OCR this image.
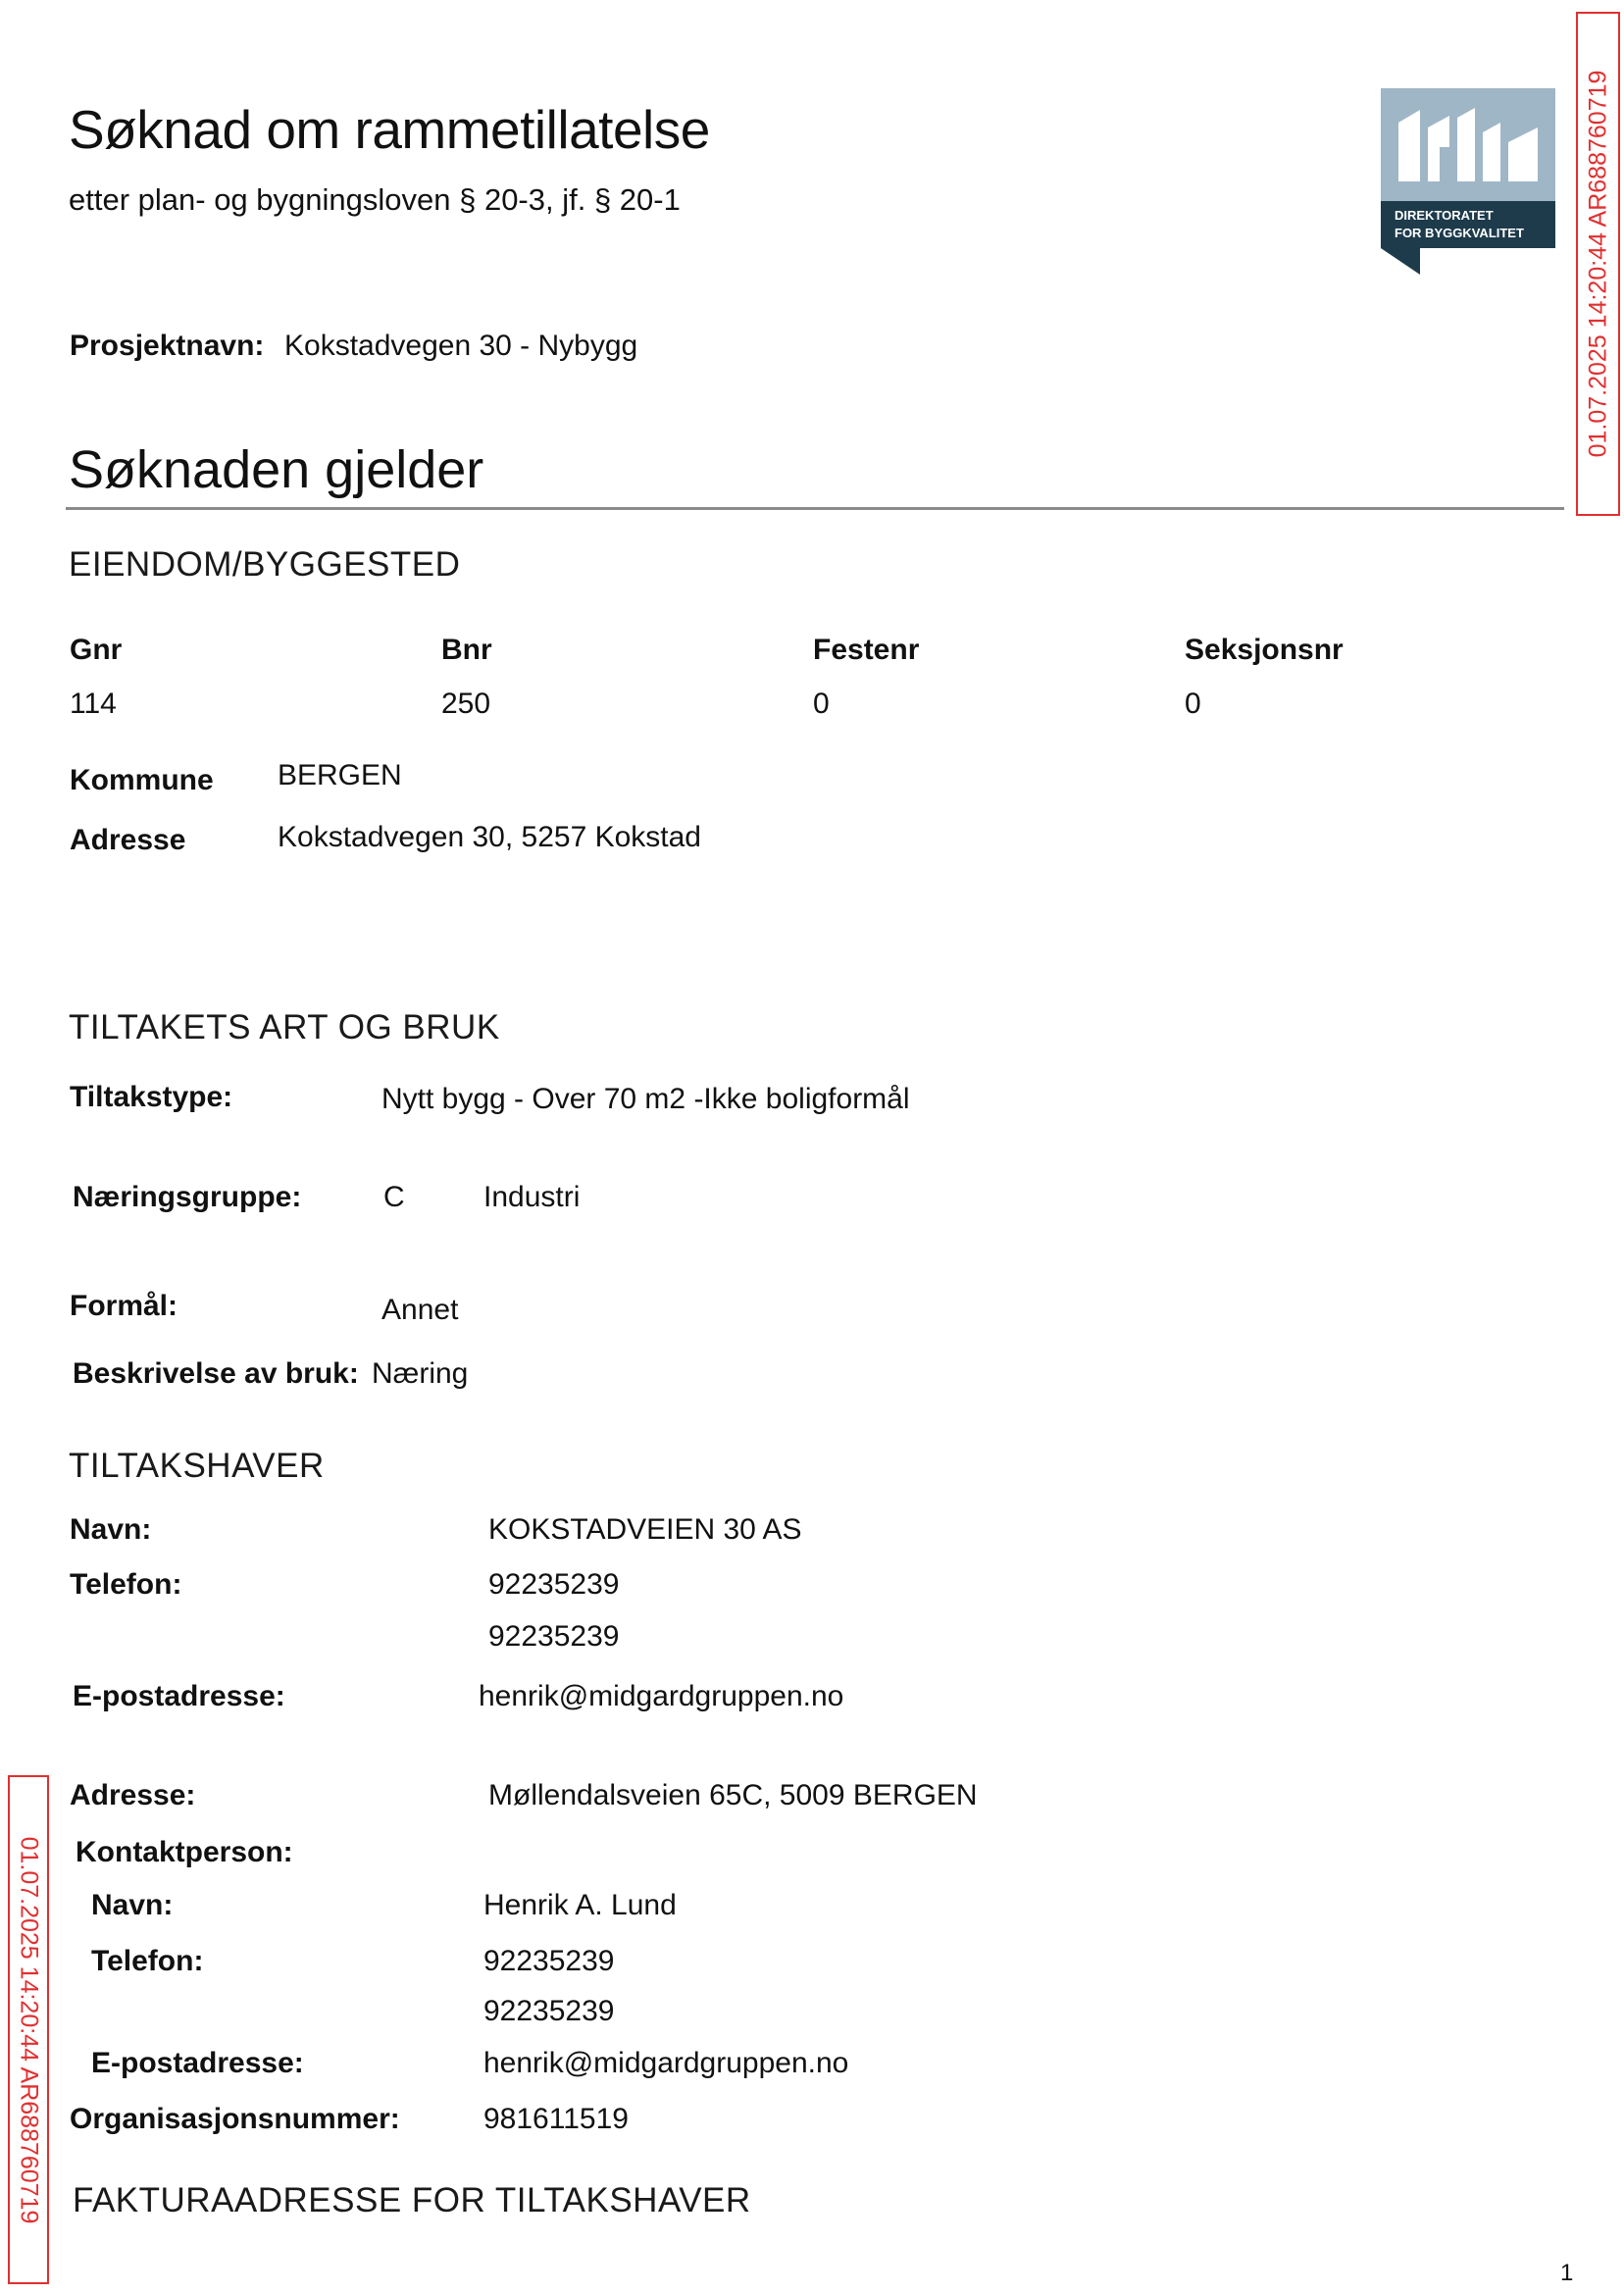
Søknad om rammetillatelse
etter plan- og bygningsloven § 20-3, jf. § 20-1	DIREKTORATET
FOR BYGGKVALITET 01.07.2025 14:20:44 AR688760719
Prosjektnavn: Kokstadvegen 30 - Nybygg
Søknaden gjelder
EIENDOM/BYGGESTED
Gnr	Bnr	Festenr	Seksjonsnr
114	250	0	0
Kommune BERGEN
Adresse	Kokstadvegen 30, 5257 Kokstad
TILTAKETS ART OG BRUK
Tiltakstype:	Nytt bygg - Over 70 m2 -Ikke boligformål
Næringsgruppe:	C	Industri
Formål:	Annet
Beskrivelse av bruk: Næring
TILTAKSHAVER
Navn:	KOKSTADVEIEN 30 AS
Telefon:	92235239
92235239
E-postadresse:	henrik@midgardgruppen.no
01.07.2025 14:20:44 AR688760719
Adresse:	Møllendalsveien 65C, 5009 BERGEN
Kontaktperson:
Navn:	Henrik A. Lund
Telefon:	92235239
92235239
E-postadresse:	henrik@midgardgruppen.no
Organisasjonsnummer:	981611519
FAKTURAADRESSE FOR TILTAKSHAVER
1
